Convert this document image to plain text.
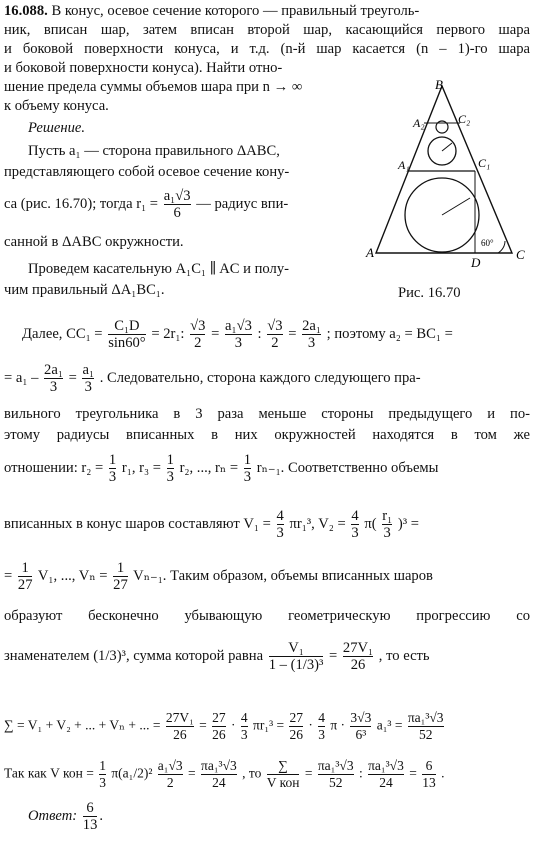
16.088. В конус, осевое сечение которого — правильный треуголь-
ник, вписан шар, затем вписан второй шар, касающийся первого шара
и боковой поверхности конуса, и т.д. (n-й шар касается (n – 1)-го шара
и боковой поверхности конуса). Найти отно-
шение предела суммы объемов шара при n → ∞
к объему конуса.
Решение.
Пусть a₁ — сторона правильного ΔABC,
представляющего собой осевое сечение кону-
са (рис. 16.70); тогда $r_1 = \frac{\text{a₁√3}}{6}$ — радиус впи-
санной в ΔABC окружности.
Проведем касательную A₁C₁ ∥ AC и полу-
чим правильный ΔA₁BC₁.
B
A₂	C₂
A₁	C₁
A
D
C
60°
Рис. 16.70
Далее, $CC_1 = \frac{\text{C₁D}}{\sin 60^\circ} = 2r_1$: $\frac{√3}{2} = \frac{\text{a₁√3}}{3}$ : $\frac{√3}{2} = \frac{\text{2a₁}}{3}$ ; поэтому a₂ = BC₁ =
= $a_1 - \frac{\text{2a₁}}{3} = \frac{\text{a₁}}{3}$ . Следовательно, сторона каждого следующего пра-
вильного треугольника в 3 раза меньше стороны предыдущего и по-
этому радиусы вписанных в них окружностей находятся в том же
отношении: $r_2 = \frac{1}{3} r_1$, $r_3 = \frac{1}{3} r_2$, ..., $r_n = \frac{1}{3} r_{n-1}$. Соответственно объемы
вписанных в конус шаров составляют $V_1 = \frac{4}{3} \pi r_1^3$, $V_2 = \frac{4}{3} \pi( \frac{\text{r₁}}{3} )^3$ =
= $\frac{1}{27} V_1$, ..., $V_n = \frac{1}{27} V_{n-1}$. Таким образом, объемы вписанных шаров
образуют бесконечно убывающую геометрическую прогрессию со
знаменателем (1/3)³, сумма которой равна $\frac{\text{V₁}}{\text{1 – (1/3)³}} = \frac{\text{27V₁}}{26}$ , то есть
∑ = V₁ + V₂ + ... + Vₙ + ... = $\frac{\text{27V₁}}{26} = \frac{27}{26} \cdot \frac{4}{3} \pi r_1^3 = \frac{27}{26} \cdot \frac{4}{3}$ $\pi \cdot \frac{3√3}{\text{6³}} a_1^3 = \frac{\text{πa₁³√3}}{52}$
Так как V кон = $\frac{1}{3} \pi(a_1/2)^2 \frac{\text{a₁√3}}{2} = \frac{\text{πa₁³√3}}{24}$ , то $\frac{\sum}{\text{V кон}} = \frac{\text{πa₁³√3}}{52}$ : $\frac{\text{πa₁³√3}}{24} = \frac{6}{13}$ .
Ответ: $\frac{6}{13}$ .
